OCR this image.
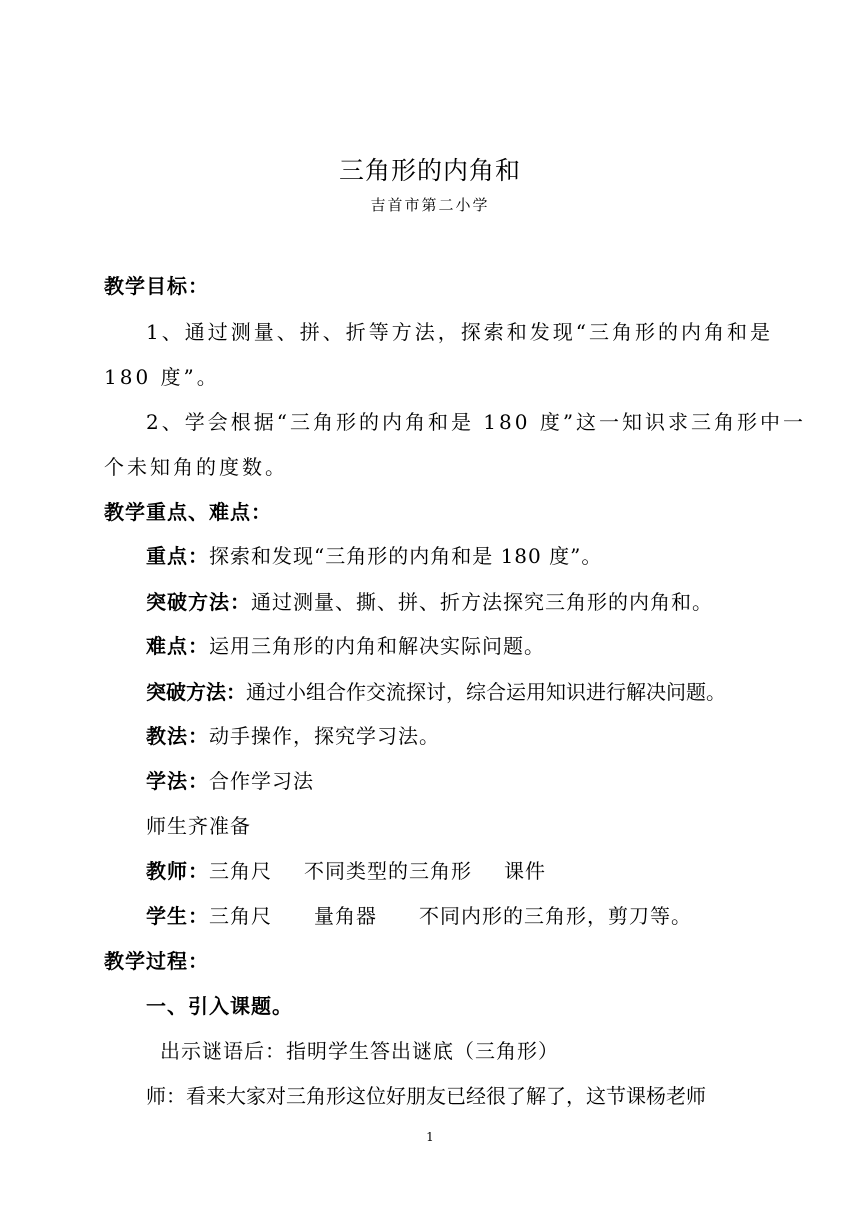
三角形的内角和
吉首市第二小学
教学目标：
1、通过测量、拼、折等方法，探索和发现“三角形的内角和是
180 度”。
2、学会根据“三角形的内角和是 180 度”这一知识求三角形中一
个未知角的度数。
教学重点、难点：
重点：探索和发现“三角形的内角和是 180 度”。
突破方法：通过测量、撕、拼、折方法探究三角形的内角和。
难点：运用三角形的内角和解决实际问题。
突破方法：通过小组合作交流探讨，综合运用知识进行解决问题。
教法：动手操作，探究学习法。
学法：合作学习法
师生齐准备
教师：三角尺 不同类型的三角形 课件
学生：三角尺 量角器 不同内形的三角形，剪刀等。
教学过程：
一、引入课题。
出示谜语后：指明学生答出谜底（三角形）
师：看来大家对三角形这位好朋友已经很了解了，这节课杨老师
1
